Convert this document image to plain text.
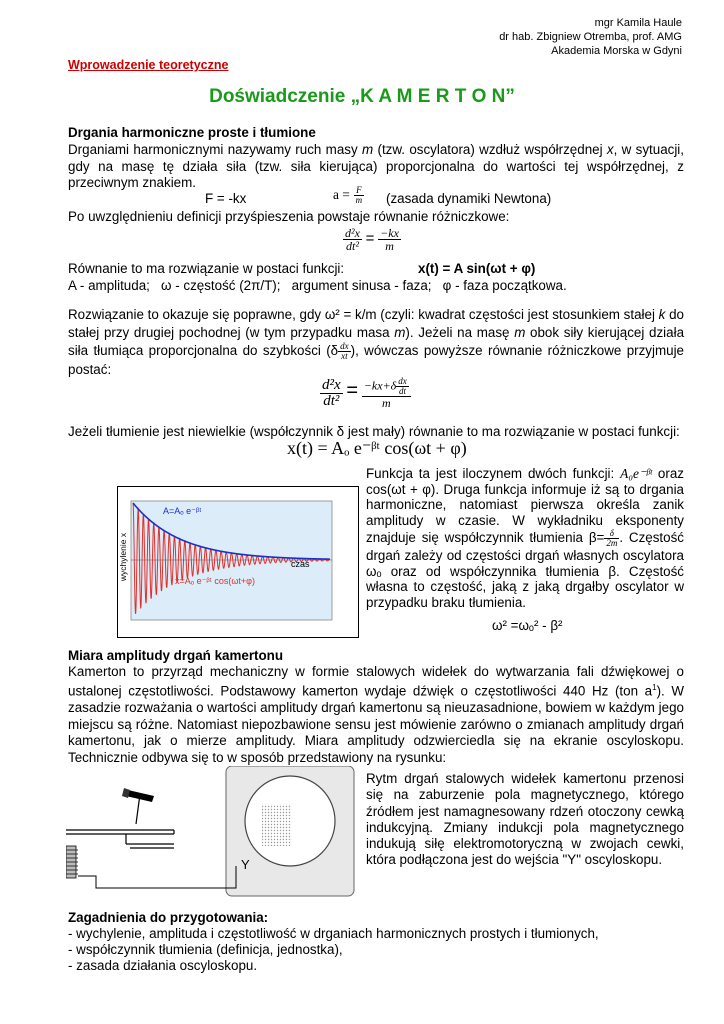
mgr Kamila Haule
dr hab. Zbigniew Otremba, prof. AMG
Akademia Morska w Gdyni
Wprowadzenie teoretyczne
Doświadczenie „K A M E R T O N”
Drgania harmoniczne proste i tłumione

Drganiami harmonicznymi nazywamy ruch masy m (tzw. oscylatora) wzdłuż współrzędnej x, w sytuacji, gdy na masę tę działa siła (tzw. siła kierująca) proporcjonalna do wartości tej współrzędnej, z przeciwnym znakiem.

F = -kx	$a = \frac{F}{m}$ (zasada dynamiki Newtona)
Po uwzględnieniu definicji przyśpieszenia powstaje równanie różniczkowe:
$\frac{\text{d²x}}{\text{dt²}} = \frac{-kx}{m}$
Równanie to ma rozwiązanie w postaci funkcji:	x(t) = A sin(ωt + φ)
A - amplituda;   ω - częstość (2π/T);   argument sinusa - faza;   φ - faza początkowa.

Rozwiązanie to okazuje się poprawne, gdy ω² = k/m (czyli: kwadrat częstości jest stosunkiem stałej k do stałej przy drugiej pochodnej (w tym przypadku masa m). Jeżeli na masę m obok siły kierującej działa siła tłumiąca proporcjonalna do szybkości ($\delta \frac{dx}{xt}$ ), wówczas powyższe równanie różniczkowe przyjmuje postać:

$\frac{\text{d²x}}{\text{dt²}} = \frac{-kx+\delta \frac{dx}{dt}}{m}$
Jeżeli tłumienie jest niewielkie (współczynnik δ jest mały) równanie to ma rozwiązanie w postaci funkcji:
x(t) = Aₒ e⁻ᵝᵗ cos(ωt + φ)
wychylenie x	czas
A=Aₒ e⁻ᵝᵗ
x=Aₒ e⁻ᵝᵗ cos(ωt+φ)

Funkcja ta jest iloczynem dwóch funkcji: A₀e⁻ᵝᵗ oraz cos(ωt + φ). Druga funkcja informuje iż są to drgania harmoniczne, natomiast pierwsza określa zanik amplitudy w czasie. W wykładniku eksponenty znajduje się współczynnik tłumienia $\beta= \frac{\delta}{2m}$ . Częstość drgań zależy od częstości drgań własnych oscylatora ωₒ oraz od współczynnika tłumienia β. Częstość własna to częstość, jaką z jaką drgałby oscylator w przypadku braku tłumienia.

ω² =ωₒ² - β²
Miara amplitudy drgań kamertonu

Kamerton to przyrząd mechaniczny w formie stalowych widełek do wytwarzania fali dźwiękowej o ustalonej częstotliwości. Podstawowy kamerton wydaje dźwięk o częstotliwości 440 Hz (ton $a^1$). W zasadzie rozważania o wartości amplitudy drgań kamertonu są nieuzasadnione, bowiem w każdym jego miejscu są różne. Natomiast niepozbawione sensu jest mówienie zarówno o zmianach amplitudy drgań kamertonu, jak o mierze amplitudy. Miara amplitudy odzwierciedla się na ekranie oscyloskopu. Technicznie odbywa się to w sposób przedstawiony na rysunku:

Y

Rytm drgań stalowych widełek kamertonu przenosi się na zaburzenie pola magnetycznego, którego źródłem jest namagnesowany rdzeń otoczony cewką indukcyjną. Zmiany indukcji pola magnetycznego indukują siłę elektromotoryczną w zwojach cewki, która podłączona jest do wejścia "Y" oscyloskopu.

Zagadnienia do przygotowania:
- wychylenie, amplituda i częstotliwość w drganiach harmonicznych prostych i tłumionych,
- współczynnik tłumienia (definicja, jednostka),
- zasada działania oscyloskopu.
